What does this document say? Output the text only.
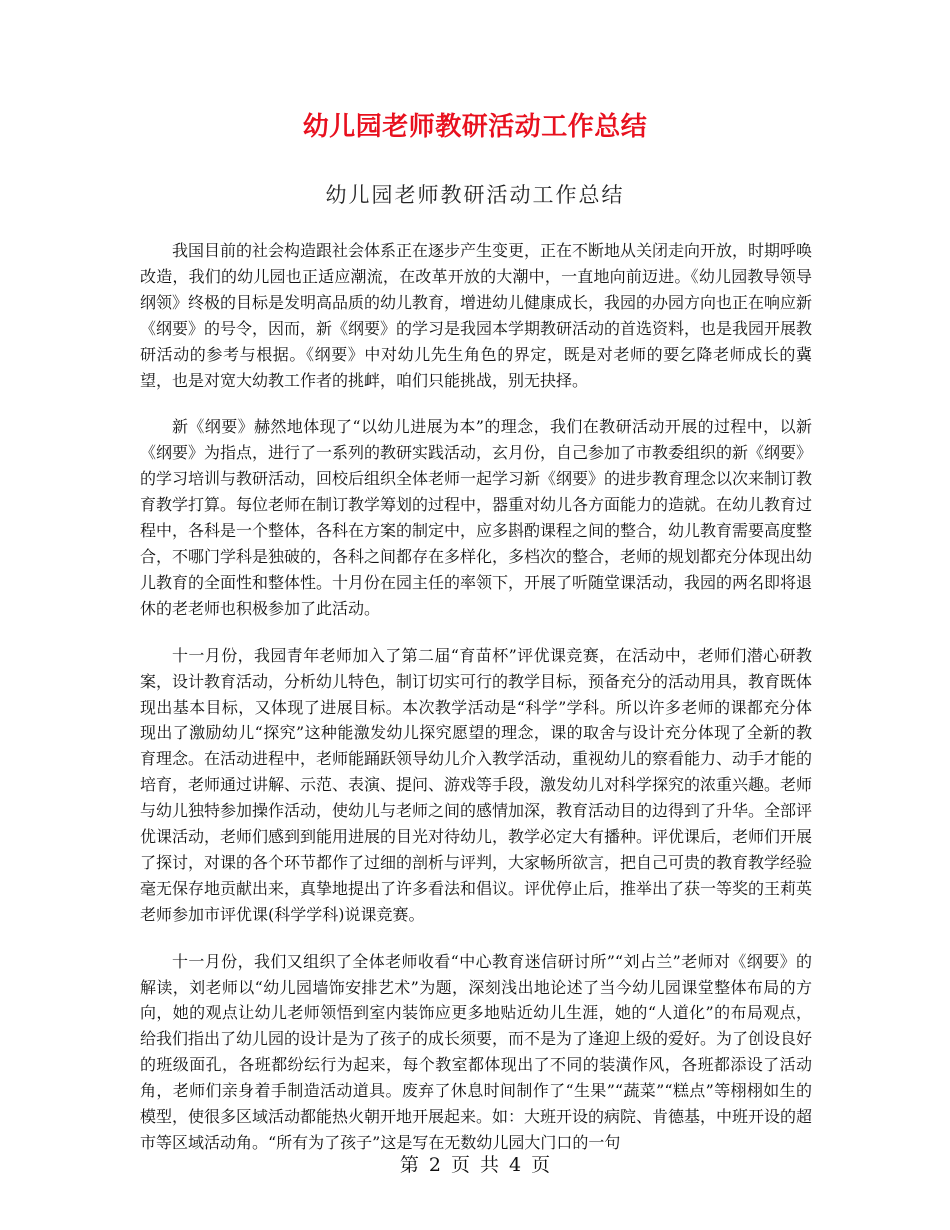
幼儿园老师教研活动工作总结
幼儿园老师教研活动工作总结

我国目前的社会构造跟社会体系正在逐步产生变更，正在不断地从关闭走向开放，时期呼唤改造，我们的幼儿园也正适应潮流，在改革开放的大潮中，一直地向前迈进。《幼儿园教导领导纲领》终极的目标是发明高品质的幼儿教育，增进幼儿健康成长，我园的办园方向也正在响应新《纲要》的号令，因而，新《纲要》的学习是我园本学期教研活动的首选资料，也是我园开展教研活动的参考与根据。《纲要》中对幼儿先生角色的界定，既是对老师的要乞降老师成长的冀望，也是对宽大幼教工作者的挑衅，咱们只能挑战，别无抉择。

新《纲要》赫然地体现了“以幼儿进展为本”的理念，我们在教研活动开展的过程中，以新《纲要》为指点，进行了一系列的教研实践活动，玄月份，自己参加了市教委组织的新《纲要》的学习培训与教研活动，回校后组织全体老师一起学习新《纲要》的进步教育理念以次来制订教育教学打算。每位老师在制订教学筹划的过程中，器重对幼儿各方面能力的造就。在幼儿教育过程中，各科是一个整体，各科在方案的制定中，应多斟酌课程之间的整合，幼儿教育需要高度整合，不哪门学科是独破的，各科之间都存在多样化，多档次的整合，老师的规划都充分体现出幼儿教育的全面性和整体性。十月份在园主任的率领下，开展了听随堂课活动，我园的两名即将退休的老老师也积极参加了此活动。

十一月份，我园青年老师加入了第二届“育苗杯”评优课竞赛，在活动中，老师们潜心研教案，设计教育活动，分析幼儿特色，制订切实可行的教学目标，预备充分的活动用具，教育既体现出基本目标，又体现了进展目标。本次教学活动是“科学”学科。所以许多老师的课都充分体现出了激励幼儿“探究”这种能激发幼儿探究愿望的理念，课的取舍与设计充分体现了全新的教育理念。在活动进程中，老师能踊跃领导幼儿介入教学活动，重视幼儿的察看能力、动手才能的培育，老师通过讲解、示范、表演、提问、游戏等手段，激发幼儿对科学探究的浓重兴趣。老师与幼儿独特参加操作活动，使幼儿与老师之间的感情加深，教育活动目的边得到了升华。全部评优课活动，老师们感到到能用进展的目光对待幼儿，教学必定大有播种。评优课后，老师们开展了探讨，对课的各个环节都作了过细的剖析与评判，大家畅所欲言，把自己可贵的教育教学经验毫无保存地贡献出来，真挚地提出了许多看法和倡议。评优停止后，推举出了获一等奖的王莉英老师参加市评优课(科学学科)说课竞赛。

十一月份，我们又组织了全体老师收看“中心教育迷信研讨所”“刘占兰”老师对《纲要》的解读，刘老师以“幼儿园墙饰安排艺术”为题，深刻浅出地论述了当今幼儿园课堂整体布局的方向，她的观点让幼儿老师领悟到室内装饰应更多地贴近幼儿生涯，她的“人道化”的布局观点，给我们指出了幼儿园的设计是为了孩子的成长须要，而不是为了逢迎上级的爱好。为了创设良好的班级面孔，各班都纷纭行为起来，每个教室都体现出了不同的装潢作风，各班都添设了活动角，老师们亲身着手制造活动道具。废弃了休息时间制作了“生果”“蔬菜”“糕点”等栩栩如生的模型，使很多区域活动都能热火朝开地开展起来。如：大班开设的病院、肯德基，中班开设的超市等区域活动角。“所有为了孩子”这是写在无数幼儿园大门口的一句

第 2 页 共 4 页
